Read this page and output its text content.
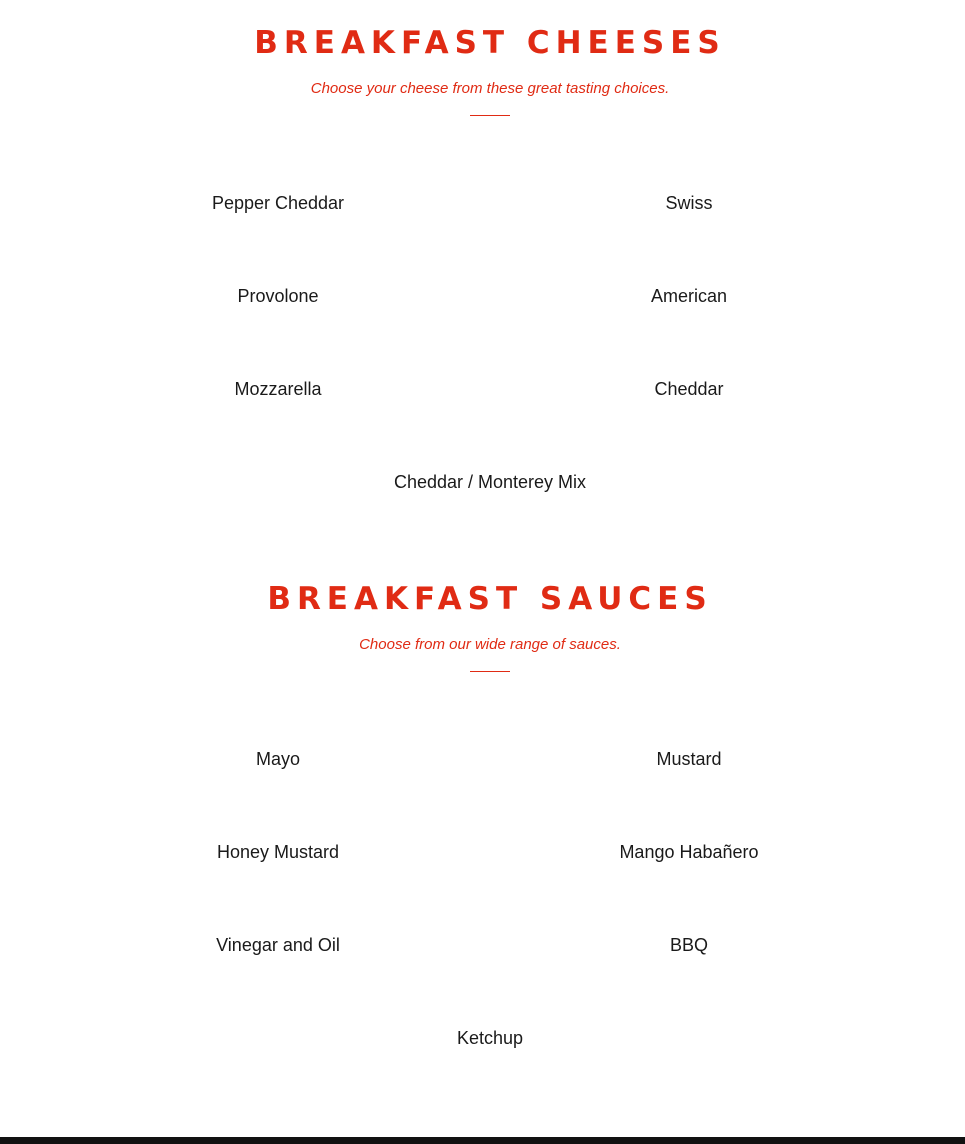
BREAKFAST CHEESES
Choose your cheese from these great tasting choices.
Pepper Cheddar	Swiss
Provolone	American
Mozzarella	Cheddar
Cheddar / Monterey Mix
BREAKFAST SAUCES
Choose from our wide range of sauces.
Mayo	Mustard
Honey Mustard	Mango Habañero
Vinegar and Oil	BBQ
Ketchup
